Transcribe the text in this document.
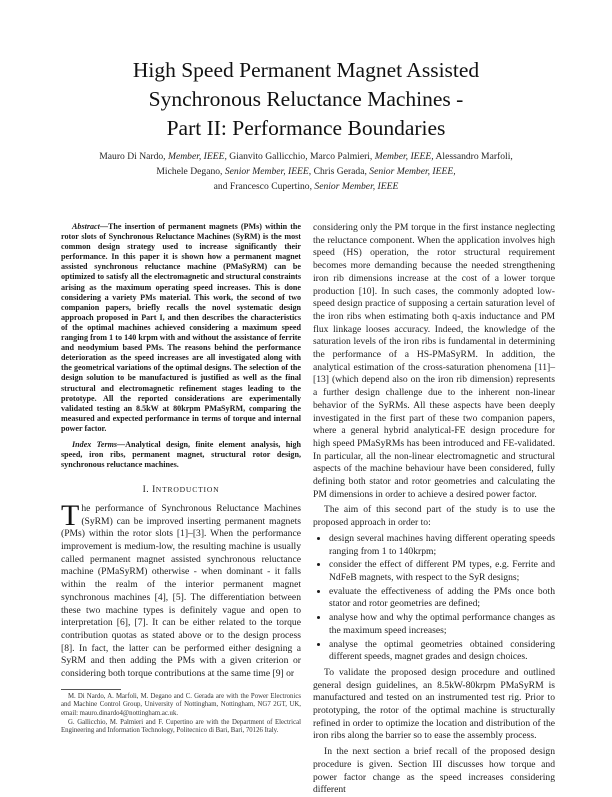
High Speed Permanent Magnet Assisted
Synchronous Reluctance Machines -
Part II: Performance Boundaries
Mauro Di Nardo, Member, IEEE, Gianvito Gallicchio, Marco Palmieri, Member, IEEE, Alessandro Marfoli,
Michele Degano, Senior Member, IEEE, Chris Gerada, Senior Member, IEEE,
and Francesco Cupertino, Senior Member, IEEE

Abstract—The insertion of permanent magnets (PMs) within the rotor slots of Synchronous Reluctance Machines (SyRM) is the most common design strategy used to increase significantly their performance. In this paper it is shown how a permanent magnet assisted synchronous reluctance machine (PMaSyRM) can be optimized to satisfy all the electromagnetic and structural constraints arising as the maximum operating speed increases. This is done considering a variety PMs material. This work, the second of two companion papers, briefly recalls the novel systematic design approach proposed in Part I, and then describes the characteristics of the optimal machines achieved considering a maximum speed ranging from 1 to 140 krpm with and without the assistance of ferrite and neodymium based PMs. The reasons behind the performance deterioration as the speed increases are all investigated along with the geometrical variations of the optimal designs. The selection of the design solution to be manufactured is justified as well as the final structural and electromagnetic refinement stages leading to the prototype. All the reported considerations are experimentally validated testing an 8.5kW at 80krpm PMaSyRM, comparing the measured and expected performance in terms of torque and internal power factor.

Index Terms—Analytical design, finite element analysis, high speed, iron ribs, permanent magnet, structural rotor design, synchronous reluctance machines.

I. INTRODUCTION

The performance of Synchronous Reluctance Machines (SyRM) can be improved inserting permanent magnets (PMs) within the rotor slots [1]–[3]. When the performance improvement is medium-low, the resulting machine is usually called permanent magnet assisted synchronous reluctance machine (PMaSyRM) otherwise - when dominant - it falls within the realm of the interior permanent magnet synchronous machines [4], [5]. The differentiation between these two machine types is definitely vague and open to interpretation [6], [7]. It can be either related to the torque contribution quotas as stated above or to the design process [8]. In fact, the latter can be performed either designing a SyRM and then adding the PMs with a given criterion or considering both torque contributions at the same time [9] or

M. Di Nardo, A. Marfoli, M. Degano and C. Gerada are with the Power Electronics and Machine Control Group, University of Nottingham, Nottingham, NG7 2GT, UK, email: mauro.dinardo4@nottingham.ac.uk.

G. Gallicchio, M. Palmieri and F. Cupertino are with the Department of Electrical Engineering and Information Technology, Politecnico di Bari, Bari, 70126 Italy.

considering only the PM torque in the first instance neglecting the reluctance component. When the application involves high speed (HS) operation, the rotor structural requirement becomes more demanding because the needed strengthening iron rib dimensions increase at the cost of a lower torque production [10]. In such cases, the commonly adopted low-speed design practice of supposing a certain saturation level of the iron ribs when estimating both q-axis inductance and PM flux linkage looses accuracy. Indeed, the knowledge of the saturation levels of the iron ribs is fundamental in determining the performance of a HS-PMaSyRM. In addition, the analytical estimation of the cross-saturation phenomena [11]–[13] (which depend also on the iron rib dimension) represents a further design challenge due to the inherent non-linear behavior of the SyRMs. All these aspects have been deeply investigated in the first part of these two companion papers, where a general hybrid analytical-FE design procedure for high speed PMaSyRMs has been introduced and FE-validated. In particular, all the non-linear electromagnetic and structural aspects of the machine behaviour have been considered, fully defining both stator and rotor geometries and calculating the PM dimensions in order to achieve a desired power factor.

The aim of this second part of the study is to use the proposed approach in order to:

• design several machines having different operating speeds ranging from 1 to 140krpm;
• consider the effect of different PM types, e.g. Ferrite and NdFeB magnets, with respect to the SyR designs;
• evaluate the effectiveness of adding the PMs once both stator and rotor geometries are defined;
• analyse how and why the optimal performance changes as the maximum speed increases;
• analyse the optimal geometries obtained considering different speeds, magnet grades and design choices.

To validate the proposed design procedure and outlined general design guidelines, an 8.5kW-80krpm PMaSyRM is manufactured and tested on an instrumented test rig. Prior to prototyping, the rotor of the optimal machine is structurally refined in order to optimize the location and distribution of the iron ribs along the barrier so to ease the assembly process.

In the next section a brief recall of the proposed design procedure is given. Section III discusses how torque and power factor change as the speed increases considering different
